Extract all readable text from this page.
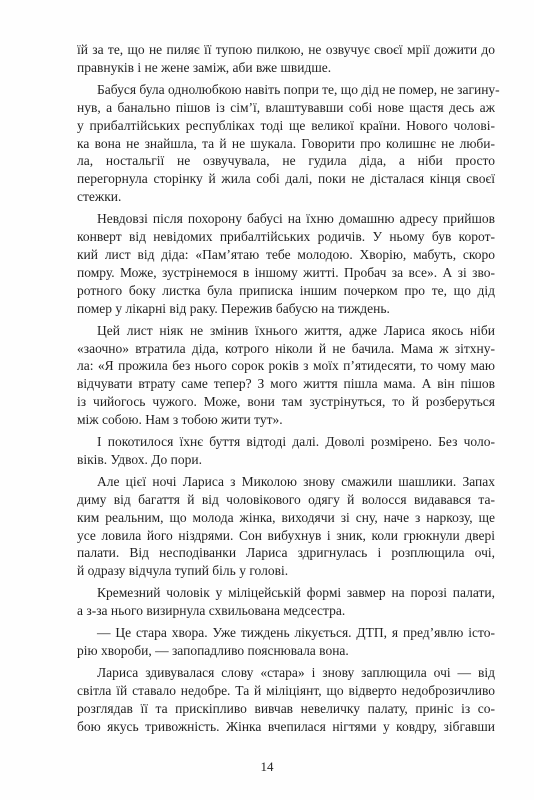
їй за те, що не пиляє її тупою пилкою, не озвучує своєї мрії дожити до
правнуків і не жене заміж, аби вже швидше.
Бабуся була однолюбкою навіть попри те, що дід не помер, не загину-
нув, а банально пішов із сім’ї, влаштувавши собі нове щастя десь аж
у прибалтійських республіках тоді ще великої країни. Нового чолові-
ка вона не знайшла, та й не шукала. Говорити про колишнє не люби-
ла, ностальгії не озвучувала, не гудила діда, а ніби просто
перегорнула сторінку й жила собі далі, поки не дісталася кінця своєї
стежки.
Невдовзі після похорону бабусі на їхню домашню адресу прийшов
конверт від невідомих прибалтійських родичів. У ньому був корот-
кий лист від діда: «Пам’ятаю тебе молодою. Хворію, мабуть, скоро
помру. Може, зустрінемося в іншому житті. Пробач за все». А зі зво-
ротного боку листка була приписка іншим почерком про те, що дід
помер у лікарні від раку. Пережив бабусю на тиждень.
Цей лист ніяк не змінив їхнього життя, адже Лариса якось ніби
«заочно» втратила діда, котрого ніколи й не бачила. Мама ж зітхну-
ла: «Я прожила без нього сорок років з моїх п’ятидесяти, то чому маю
відчувати втрату саме тепер? З мого життя пішла мама. А він пішов
із чийогось чужого. Може, вони там зустрінуться, то й розберуться
між собою. Нам з тобою жити тут».
І покотилося їхнє буття відтоді далі. Доволі розмірено. Без чоло-
віків. Удвох. До пори.
Але цієї ночі Лариса з Миколою знову смажили шашлики. Запах
диму від багаття й від чоловікового одягу й волосся видавався та-
ким реальним, що молода жінка, виходячи зі сну, наче з наркозу, ще
усе ловила його ніздрями. Сон вибухнув і зник, коли грюкнули двері
палати. Від несподіванки Лариса здригнулась і розплющила очі,
й одразу відчула тупий біль у голові.
Кремезний чоловік у міліцейській формі завмер на порозі палати,
а з-за нього визирнула схвильована медсестра.
— Це стара хвора. Уже тиждень лікується. ДТП, я пред’явлю істо-
рію хвороби, — запопадливо пояснювала вона.
Лариса здивувалася слову «стара» і знову заплющила очі — від
світла їй ставало недобре. Та й міліціянт, що відверто недоброзичливо
розглядав її та прискіпливо вивчав невеличку палату, приніс із со-
бою якусь тривожність. Жінка вчепилася нігтями у ковдру, зібгавши
14
